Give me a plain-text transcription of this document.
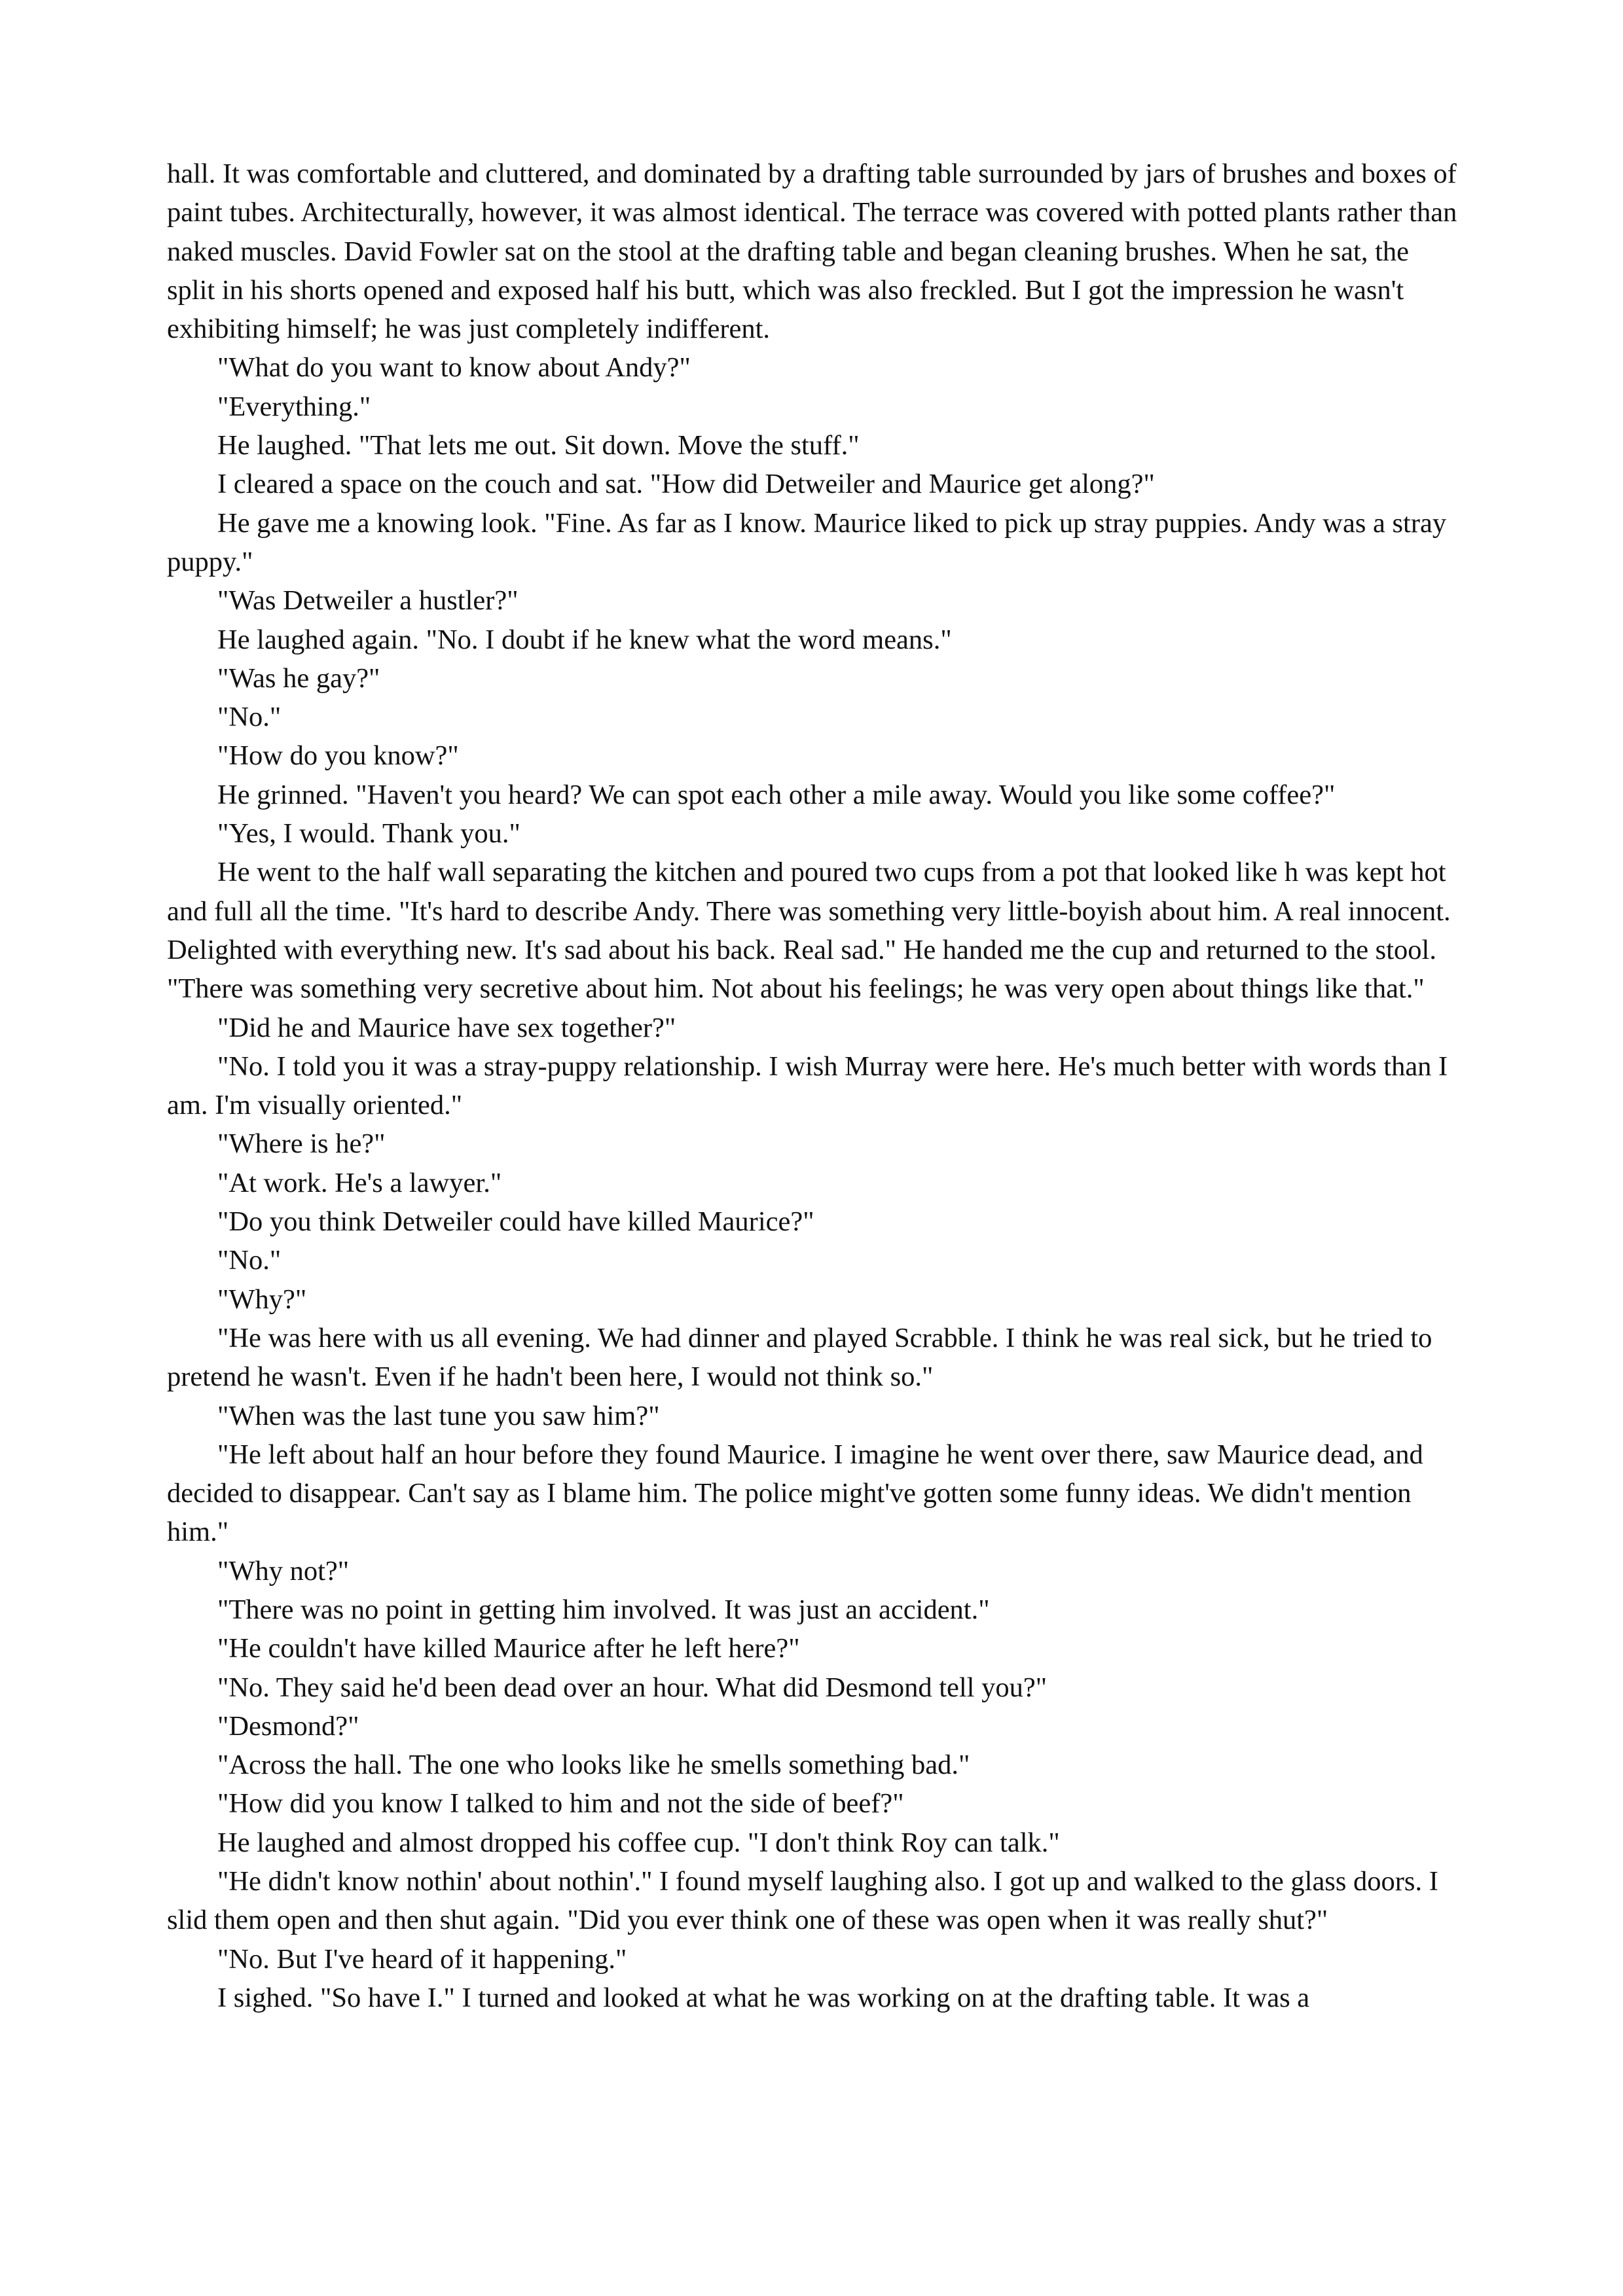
hall. It was comfortable and cluttered, and dominated by a drafting table surrounded by jars of brushes and boxes of paint tubes. Architecturally, however, it was almost identical. The terrace was covered with potted plants rather than naked muscles. David Fowler sat on the stool at the drafting table and began cleaning brushes. When he sat, the split in his shorts opened and exposed half his butt, which was also freckled. But I got the impression he wasn't exhibiting himself; he was just completely indifferent.

"What do you want to know about Andy?"

"Everything."

He laughed. "That lets me out. Sit down. Move the stuff."

I cleared a space on the couch and sat. "How did Detweiler and Maurice get along?"

He gave me a knowing look. "Fine. As far as I know. Maurice liked to pick up stray puppies. Andy was a stray puppy."

"Was Detweiler a hustler?"

He laughed again. "No. I doubt if he knew what the word means."

"Was he gay?"

"No."

"How do you know?"

He grinned. "Haven't you heard? We can spot each other a mile away. Would you like some coffee?"

"Yes, I would. Thank you."

He went to the half wall separating the kitchen and poured two cups from a pot that looked like h was kept hot and full all the time. "It's hard to describe Andy. There was something very little-boyish about him. A real innocent. Delighted with everything new. It's sad about his back. Real sad." He handed me the cup and returned to the stool. "There was something very secretive about him. Not about his feelings; he was very open about things like that."

"Did he and Maurice have sex together?"

"No. I told you it was a stray-puppy relationship. I wish Murray were here. He's much better with words than I am. I'm visually oriented."

"Where is he?"

"At work. He's a lawyer."

"Do you think Detweiler could have killed Maurice?"

"No."

"Why?"

"He was here with us all evening. We had dinner and played Scrabble. I think he was real sick, but he tried to pretend he wasn't. Even if he hadn't been here, I would not think so."

"When was the last tune you saw him?"

"He left about half an hour before they found Maurice. I imagine he went over there, saw Maurice dead, and decided to disappear. Can't say as I blame him. The police might've gotten some funny ideas. We didn't mention him."

"Why not?"

"There was no point in getting him involved. It was just an accident."

"He couldn't have killed Maurice after he left here?"

"No. They said he'd been dead over an hour. What did Desmond tell you?"

"Desmond?"

"Across the hall. The one who looks like he smells something bad."

"How did you know I talked to him and not the side of beef?"

He laughed and almost dropped his coffee cup. "I don't think Roy can talk."

"He didn't know nothin' about nothin'." I found myself laughing also. I got up and walked to the glass doors. I slid them open and then shut again. "Did you ever think one of these was open when it was really shut?"

"No. But I've heard of it happening."

I sighed. "So have I." I turned and looked at what he was working on at the drafting table. It was a
